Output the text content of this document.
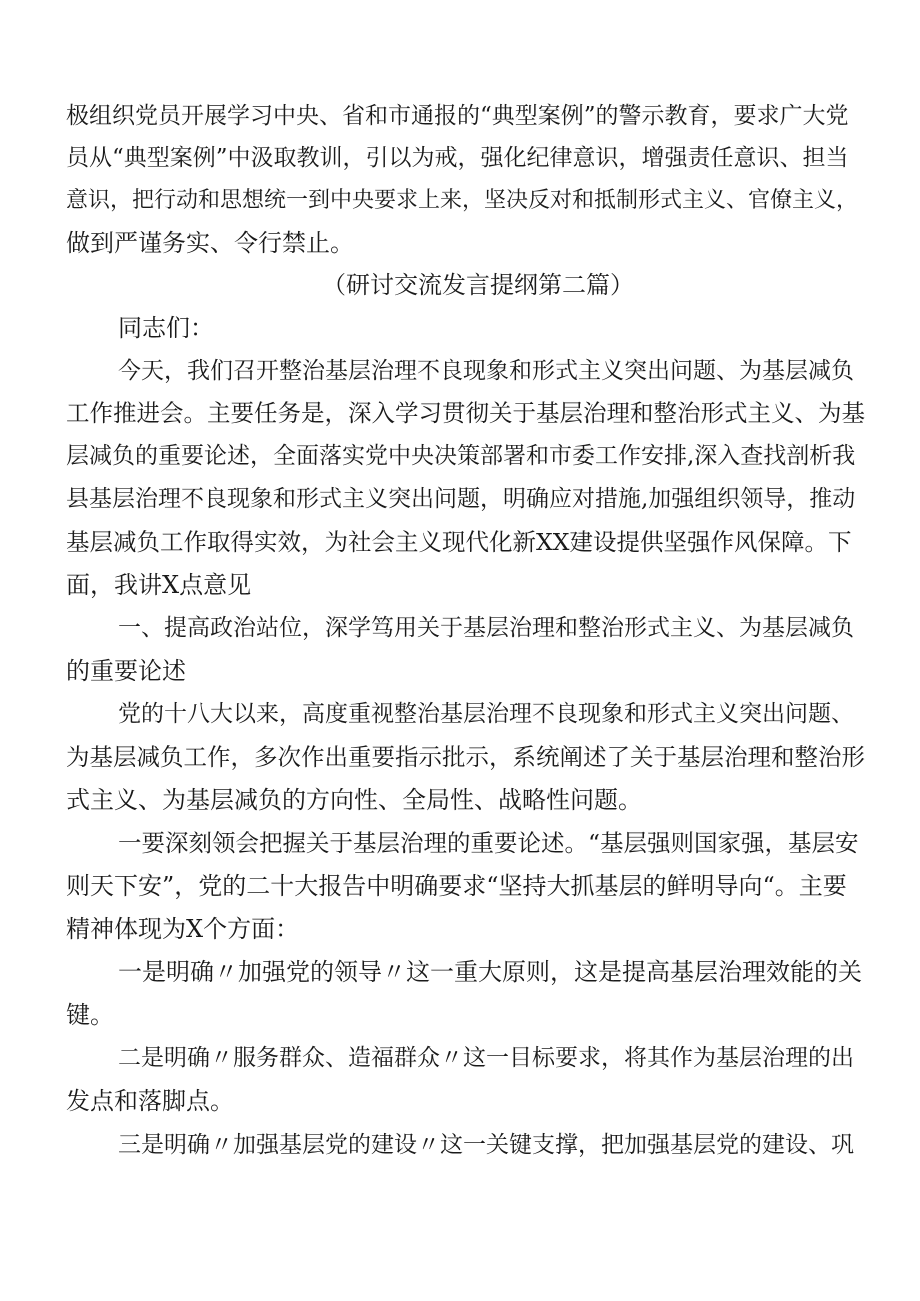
极组织党员开展学习中央、省和市通报的“典型案例”的警示教育，要求广大党
员从“典型案例”中汲取教训，引以为戒，强化纪律意识，增强责任意识、担当
意识，把行动和思想统一到中央要求上来，坚决反对和抵制形式主义、官僚主义，
做到严谨务实、令行禁止。
（研讨交流发言提纲第二篇）
同志们：
今天，我们召开整治基层治理不良现象和形式主义突出问题、为基层减负
工作推进会。主要任务是，深入学习贯彻关于基层治理和整治形式主义、为基
层减负的重要论述，全面落实党中央决策部署和市委工作安排,深入查找剖析我
县基层治理不良现象和形式主义突出问题，明确应对措施,加强组织领导，推动
基层减负工作取得实效，为社会主义现代化新XX建设提供坚强作风保障。下
面，我讲X点意见
一、提高政治站位，深学笃用关于基层治理和整治形式主义、为基层减负
的重要论述
党的十八大以来，高度重视整治基层治理不良现象和形式主义突出问题、
为基层减负工作，多次作出重要指示批示，系统阐述了关于基层治理和整治形
式主义、为基层减负的方向性、全局性、战略性问题。
一要深刻领会把握关于基层治理的重要论述。“基层强则国家强，基层安
则天下安”，党的二十大报告中明确要求“坚持大抓基层的鲜明导向“。主要
精神体现为X个方面：
一是明确〃加强党的领导〃这一重大原则，这是提高基层治理效能的关
键。
二是明确〃服务群众、造福群众〃这一目标要求，将其作为基层治理的出
发点和落脚点。
三是明确〃加强基层党的建设〃这一关键支撑，把加强基层党的建设、巩
